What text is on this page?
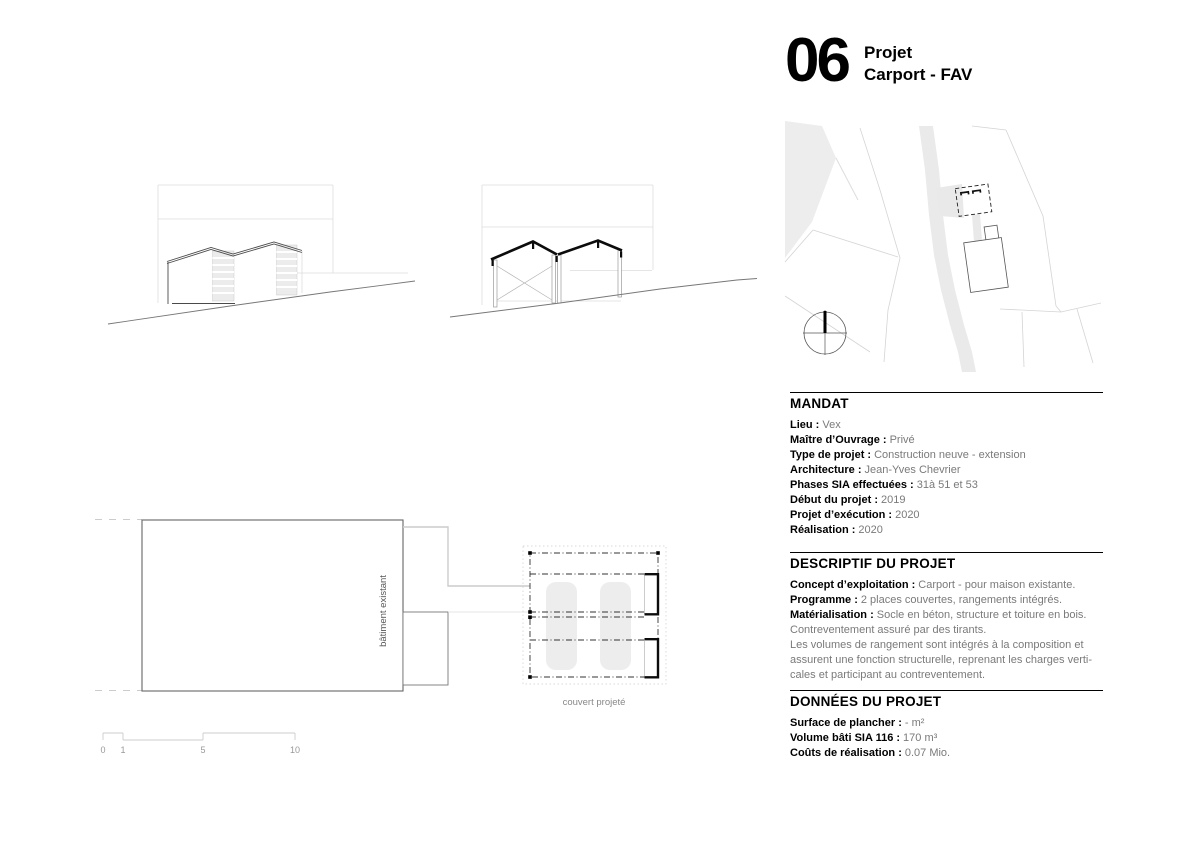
06 Projet
Carport - FAV
bâtiment existant
couvert projeté
0 1	5	10
MANDAT
Lieu : Vex
Maître d’Ouvrage : Privé
Type de projet : Construction neuve - extension
Architecture : Jean-Yves Chevrier
Phases SIA effectuées : 31à 51 et 53
Début du projet : 2019
Projet d’exécution : 2020
Réalisation : 2020
DESCRIPTIF DU PROJET
Concept d’exploitation : Carport - pour maison existante.
Programme : 2 places couvertes, rangements intégrés.
Matérialisation : Socle en béton, structure et toiture en bois.
Contreventement assuré par des tirants.
Les volumes de rangement sont intégrés à la composition et
assurent une fonction structurelle, reprenant les charges verti-
cales et participant au contreventement.
DONNÉES DU PROJET
Surface de plancher : - m²
Volume bâti SIA 116 : 170 m³
Coûts de réalisation : 0.07 Mio.
